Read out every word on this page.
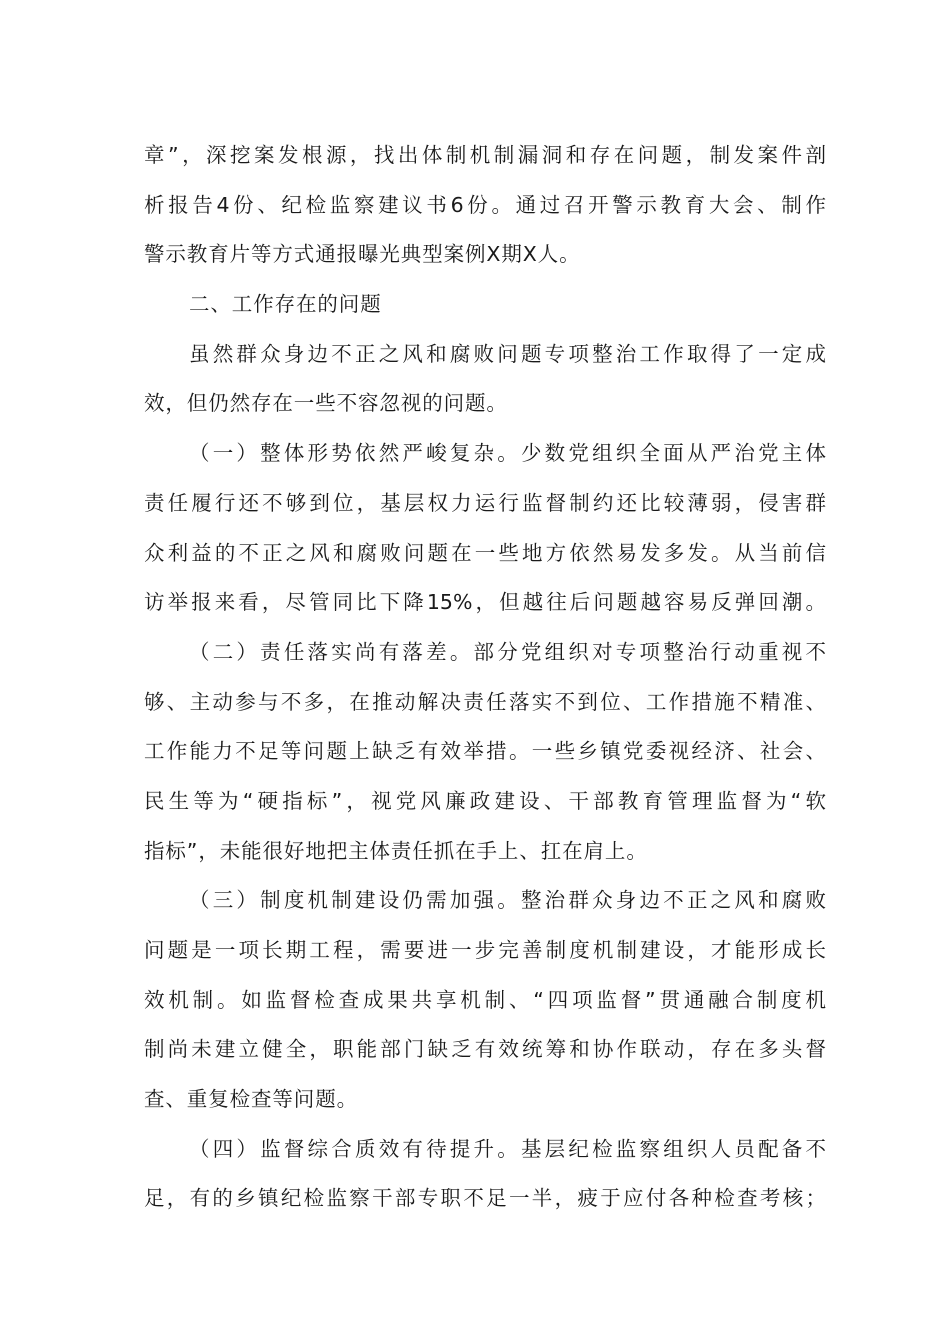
章”，深挖案发根源，找出体制机制漏洞和存在问题，制发案件剖
析报告4份、纪检监察建议书6份。通过召开警示教育大会、制作
警示教育片等方式通报曝光典型案例X期X人。
二、工作存在的问题
虽然群众身边不正之风和腐败问题专项整治工作取得了一定成
效，但仍然存在一些不容忽视的问题。
（一）整体形势依然严峻复杂。少数党组织全面从严治党主体
责任履行还不够到位，基层权力运行监督制约还比较薄弱，侵害群
众利益的不正之风和腐败问题在一些地方依然易发多发。从当前信
访举报来看，尽管同比下降15%，但越往后问题越容易反弹回潮。
（二）责任落实尚有落差。部分党组织对专项整治行动重视不
够、主动参与不多，在推动解决责任落实不到位、工作措施不精准、
工作能力不足等问题上缺乏有效举措。一些乡镇党委视经济、社会、
民生等为“硬指标”，视党风廉政建设、干部教育管理监督为“软
指标”，未能很好地把主体责任抓在手上、扛在肩上。
（三）制度机制建设仍需加强。整治群众身边不正之风和腐败
问题是一项长期工程，需要进一步完善制度机制建设，才能形成长
效机制。如监督检查成果共享机制、“四项监督”贯通融合制度机
制尚未建立健全，职能部门缺乏有效统筹和协作联动，存在多头督
查、重复检查等问题。
（四）监督综合质效有待提升。基层纪检监察组织人员配备不
足，有的乡镇纪检监察干部专职不足一半，疲于应付各种检查考核；
